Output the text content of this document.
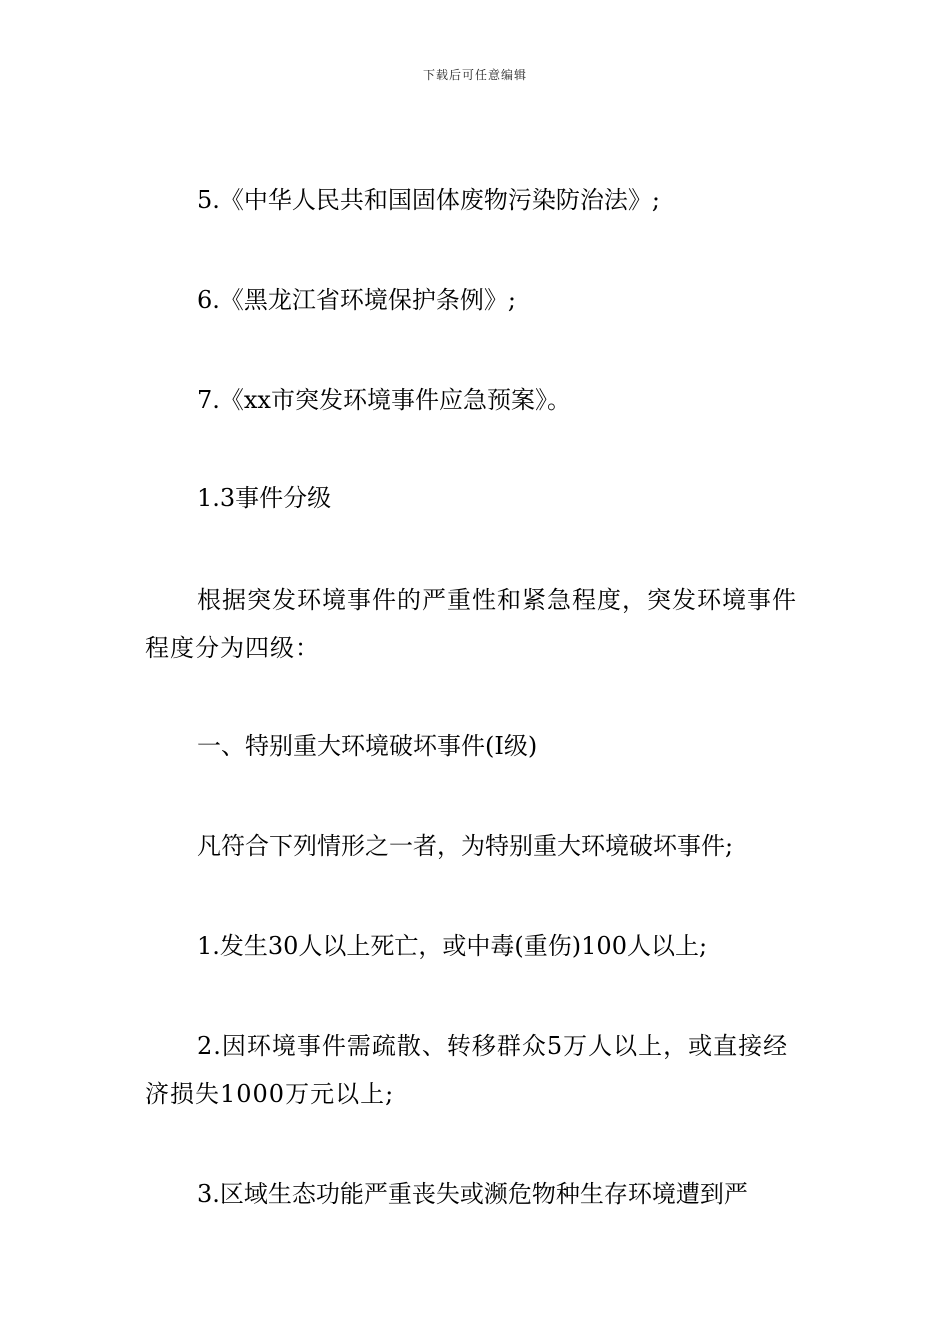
下载后可任意编辑
5.《中华人民共和国固体废物污染防治法》;
6.《黑龙江省环境保护条例》;
7.《xx市突发环境事件应急预案》。
1.3事件分级
根据突发环境事件的严重性和紧急程度，突发环境事件程度分为四级：
一、特别重大环境破坏事件(Ⅰ级)
凡符合下列情形之一者，为特别重大环境破坏事件;
1.发生30人以上死亡，或中毒(重伤)100人以上;
2.因环境事件需疏散、转移群众5万人以上，或直接经济损失1000万元以上;
3.区域生态功能严重丧失或濒危物种生存环境遭到严
